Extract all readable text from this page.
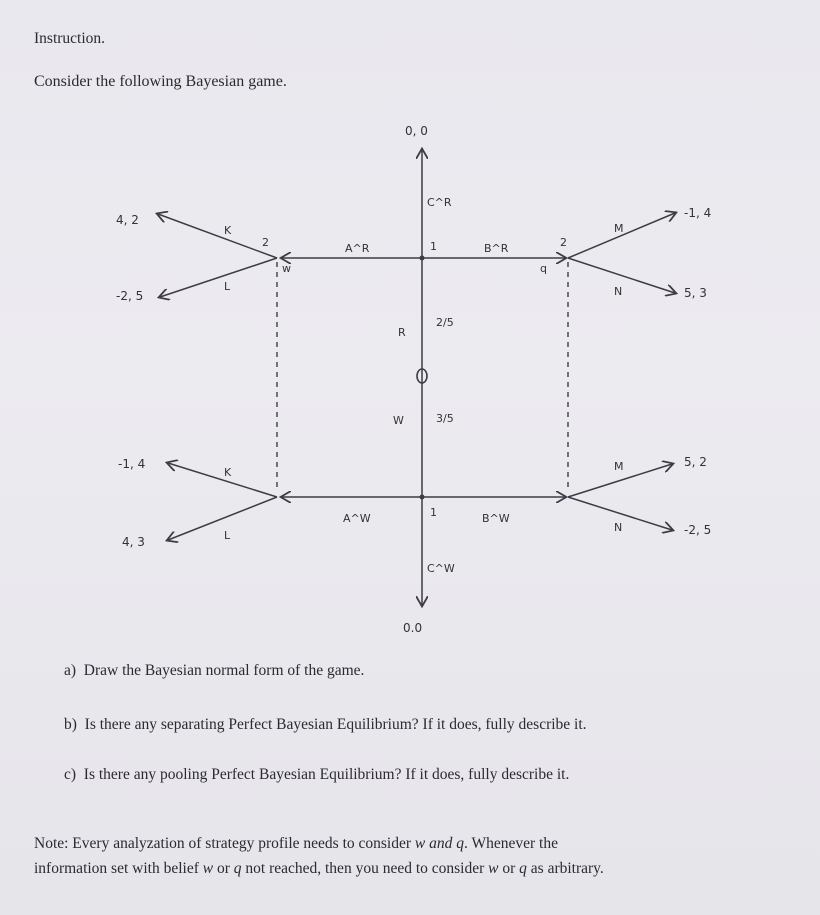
Instruction.
Consider the following Bayesian game.
0, 0
0.0
4, 2
-2, 5
-1, 4
4, 3
-1, 4
5, 3
5, 2
-2, 5
K
L
K
L
M
N
M
N
A^R	B^R
C^R
A^W	B^W
C^W
1
1
R
2/5
W	3/5
2
w
2
q
a) Draw the Bayesian normal form of the game.
b) Is there any separating Perfect Bayesian Equilibrium? If it does, fully describe it.
c) Is there any pooling Perfect Bayesian Equilibrium? If it does, fully describe it.
Note: Every analyzation of strategy profile needs to consider w and q. Whenever the
information set with belief w or q not reached, then you need to consider w or q as arbitrary.
